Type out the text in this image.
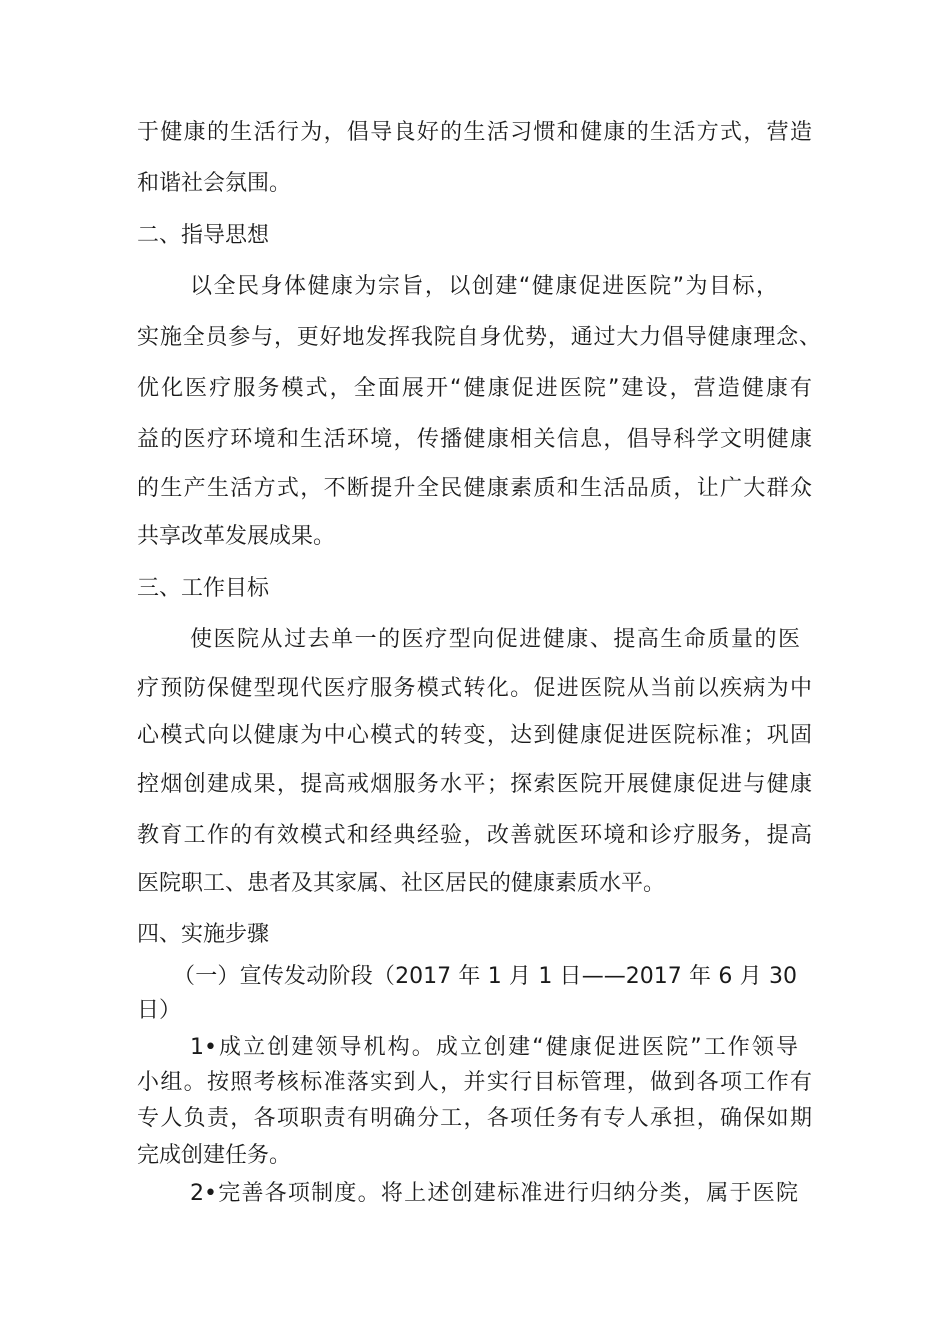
于健康的生活行为，倡导良好的生活习惯和健康的生活方式，营造
和谐社会氛围。
二、指导思想
以全民身体健康为宗旨，以创建“健康促进医院”为目标，
实施全员参与，更好地发挥我院自身优势，通过大力倡导健康理念、
优化医疗服务模式，全面展开“健康促进医院”建设，营造健康有
益的医疗环境和生活环境，传播健康相关信息，倡导科学文明健康
的生产生活方式，不断提升全民健康素质和生活品质，让广大群众
共享改革发展成果。
三、工作目标
使医院从过去单一的医疗型向促进健康、提高生命质量的医
疗预防保健型现代医疗服务模式转化。促进医院从当前以疾病为中
心模式向以健康为中心模式的转变，达到健康促进医院标准；巩固
控烟创建成果，提高戒烟服务水平；探索医院开展健康促进与健康
教育工作的有效模式和经典经验，改善就医环境和诊疗服务，提高
医院职工、患者及其家属、社区居民的健康素质水平。
四、实施步骤
（一）宣传发动阶段（2017 年 1 月 1 日——2017 年 6 月 30
日）
1•成立创建领导机构。成立创建“健康促进医院”工作领导
小组。按照考核标准落实到人，并实行目标管理，做到各项工作有
专人负责，各项职责有明确分工，各项任务有专人承担，确保如期
完成创建任务。
2•完善各项制度。将上述创建标准进行归纳分类，属于医院
